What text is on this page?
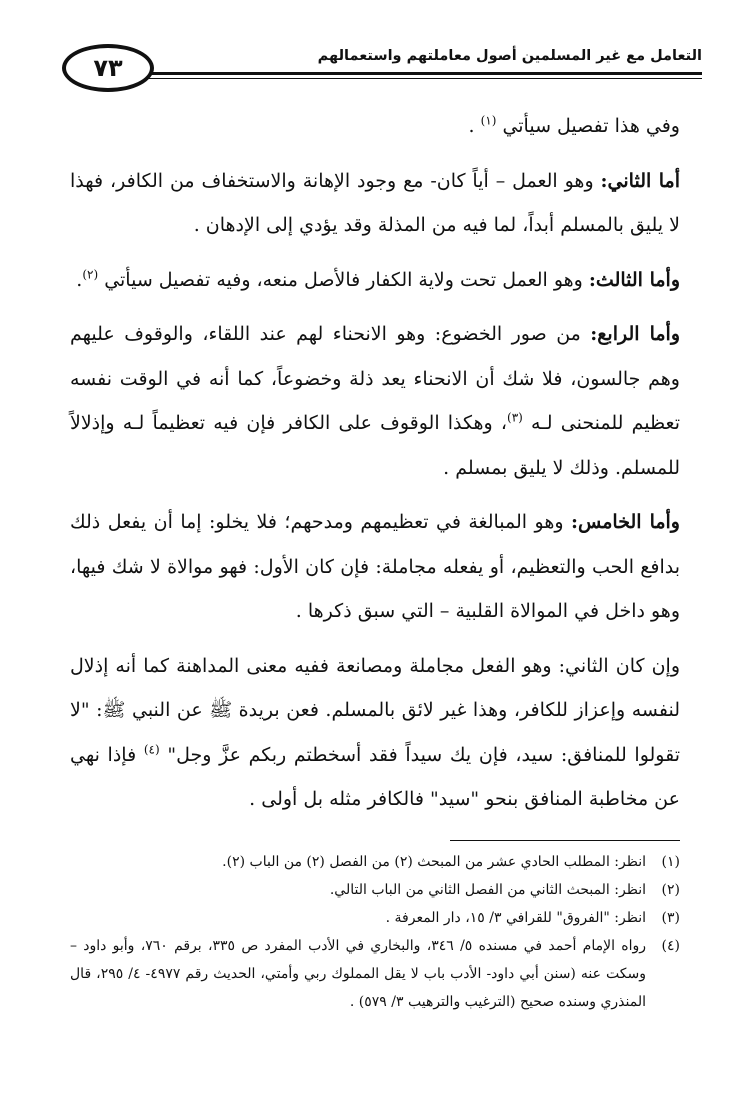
٧٣	التعامل مع غير المسلمين أصول معاملتهم واستعمالهم

وفي هذا تفصيل سيأتي $^{(١)}$ .

أما الثاني: وهو العمل – أياً كان- مع وجود الإهانة والاستخفاف من الكافر، فهذا لا يليق بالمسلم أبداً، لما فيه من المذلة وقد يؤدي إلى الإدهان .

وأما الثالث: وهو العمل تحت ولاية الكفار فالأصل منعه، وفيه تفصيل سيأتي $^{(٢)}$.

وأما الرابع: من صور الخضوع: وهو الانحناء لهم عند اللقاء، والوقوف عليهم وهم جالسون، فلا شك أن الانحناء يعد ذلة وخضوعاً، كما أنه في الوقت نفسه تعظيم للمنحنى لـه $^{(٣)}$، وهكذا الوقوف على الكافر فإن فيه تعظيماً لـه وإذلالاً للمسلم. وذلك لا يليق بمسلم .

وأما الخامس: وهو المبالغة في تعظيمهم ومدحهم؛ فلا يخلو: إما أن يفعل ذلك بدافع الحب والتعظيم، أو يفعله مجاملة: فإن كان الأول: فهو موالاة لا شك فيها، وهو داخل في الموالاة القلبية – التي سبق ذكرها .

وإن كان الثاني: وهو الفعل مجاملة ومصانعة ففيه معنى المداهنة كما أنه إذلال لنفسه وإعزاز للكافر، وهذا غير لائق بالمسلم. فعن بريدة ﷺ عن النبي ﷺ: "لا تقولوا للمنافق: سيد، فإن يك سيداً فقد أسخطتم ربكم عزَّ وجل" $^{(٤)}$ فإذا نهي عن مخاطبة المنافق بنحو "سيد" فالكافر مثله بل أولى .

(١)
انظر: المطلب الحادي عشر من المبحث (٢) من الفصل (٢) من الباب (٢).
(٢)
انظر: المبحث الثاني من الفصل الثاني من الباب التالي.
(٣)
انظر: "الفروق" للقرافي ٣/ ١٥، دار المعرفة .
(٤)
رواه الإمام أحمد في مسنده ٥/ ٣٤٦، والبخاري في الأدب المفرد ص ٣٣٥، برقم ٧٦٠، وأبو داود – وسكت عنه (سنن أبي داود- الأدب باب لا يقل المملوك ربي وأمتي، الحديث رقم ٤٩٧٧- ٤/ ٢٩٥، قال المنذري وسنده صحيح (الترغيب والترهيب ٣/ ٥٧٩) .
